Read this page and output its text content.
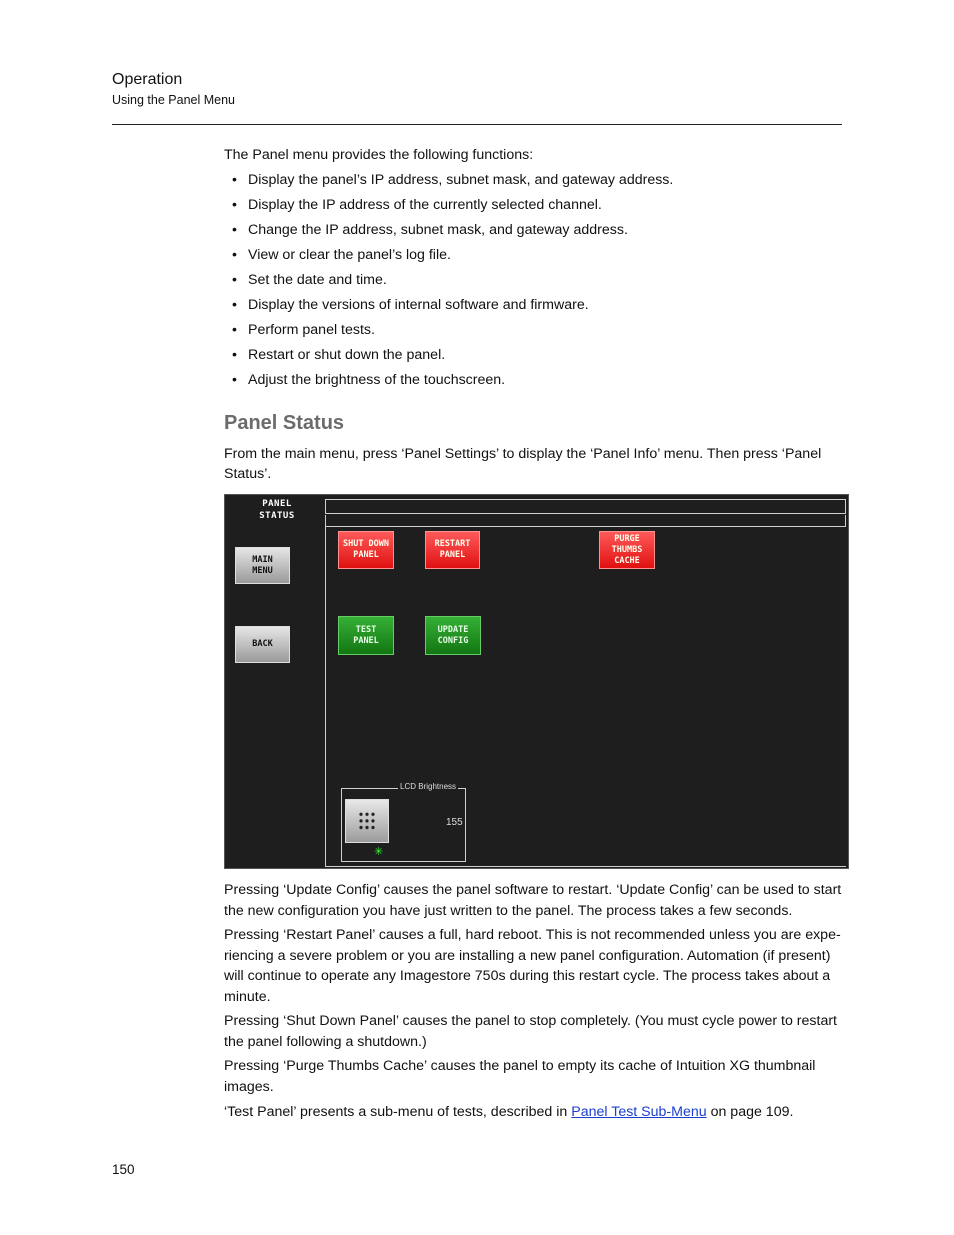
Operation
Using the Panel Menu
The Panel menu provides the following functions:
• Display the panel’s IP address, subnet mask, and gateway address.
• Display the IP address of the currently selected channel.
• Change the IP address, subnet mask, and gateway address.
• View or clear the panel’s log file.
• Set the date and time.
• Display the versions of internal software and firmware.
• Perform panel tests.
• Restart or shut down the panel.
• Adjust the brightness of the touchscreen.
Panel Status
From the main menu, press ‘Panel Settings’ to display the ‘Panel Info’ menu. Then press ‘Panel Status’.
PANEL
STATUS
MAIN
MENU
BACK
SHUT DOWN
PANEL
RESTART
PANEL
PURGE
THUMBS
CACHE
TEST
PANEL
UPDATE
CONFIG
LCD Brightness
155
✳
Pressing ‘Update Config’ causes the panel software to restart. ‘Update Config’ can be used to start the new configuration you have just written to the panel. The process takes a few seconds.
Pressing ‘Restart Panel’ causes a full, hard reboot. This is not recommended unless you are expe-riencing a severe problem or you are installing a new panel configuration. Automation (if present) will continue to operate any Imagestore 750s during this restart cycle. The process takes about a minute.
Pressing ‘Shut Down Panel’ causes the panel to stop completely. (You must cycle power to restart the panel following a shutdown.)
Pressing ‘Purge Thumbs Cache’ causes the panel to empty its cache of Intuition XG thumbnail images.
‘Test Panel’ presents a sub-menu of tests, described in Panel Test Sub-Menu on page 109.
150
